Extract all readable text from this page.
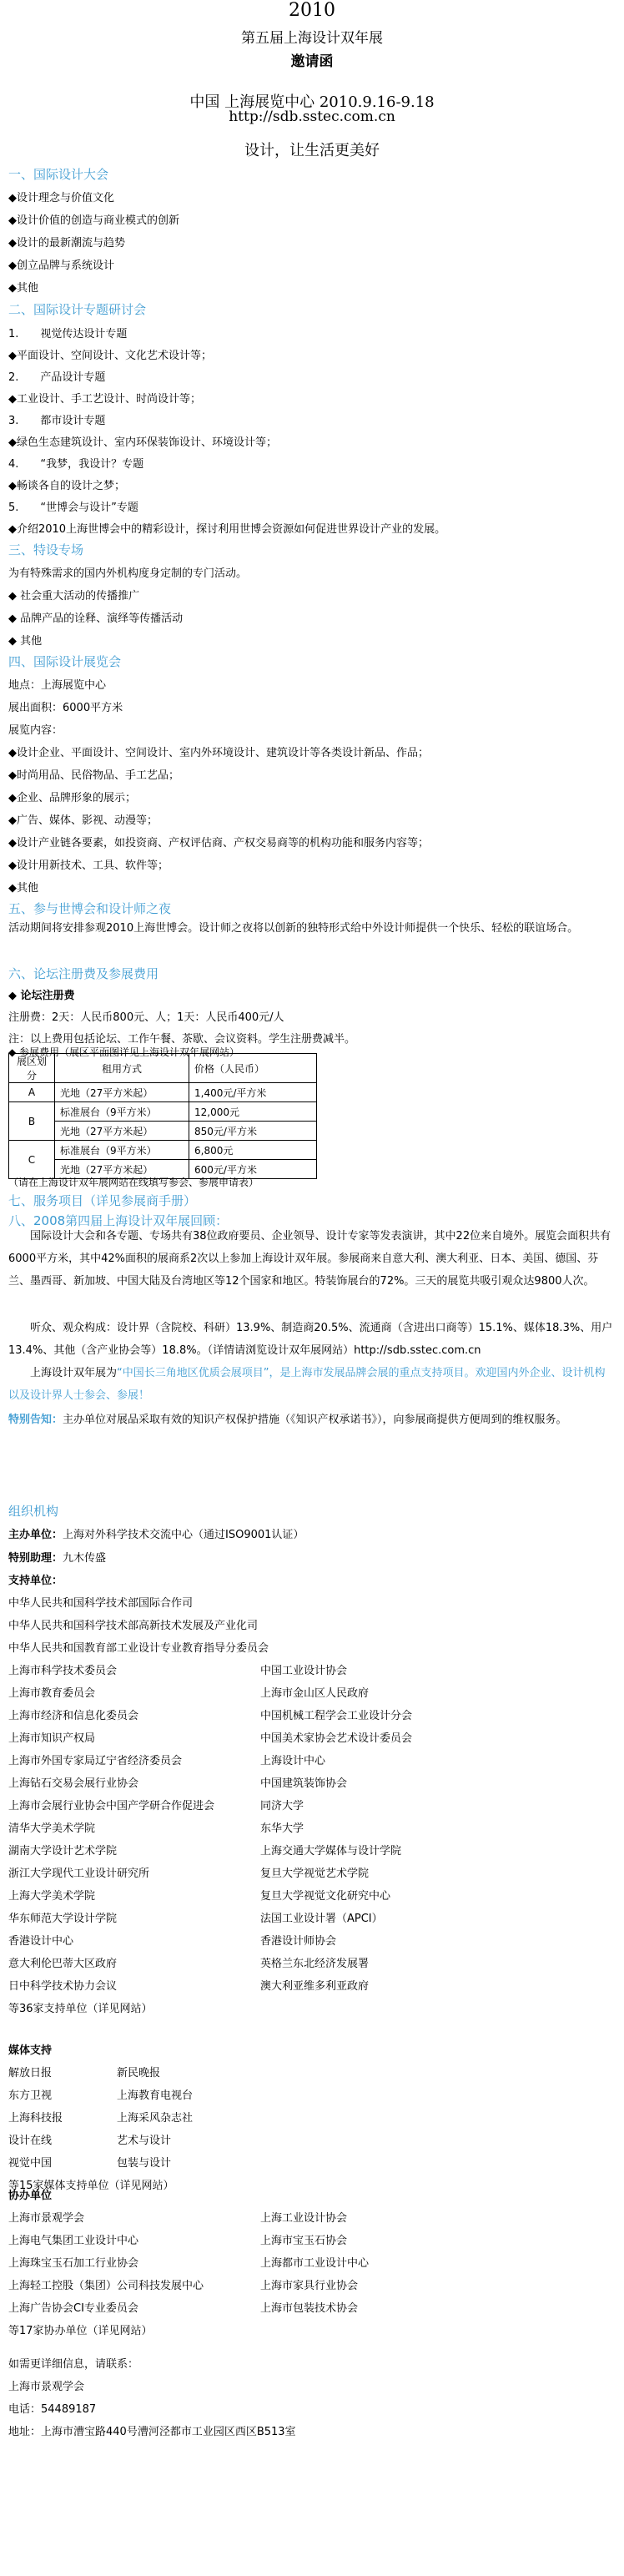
2010
第五届上海设计双年展
邀请函
中国 上海展览中心 2010.9.16-9.18
http://sdb.sstec.com.cn
设计，让生活更美好
一、国际设计大会
◆设计理念与价值文化
◆设计价值的创造与商业模式的创新
◆设计的最新潮流与趋势
◆创立品牌与系统设计
◆其他
二、国际设计专题研讨会
1.　　视觉传达设计专题
◆平面设计、空间设计、文化艺术设计等；
2.　　产品设计专题
◆工业设计、手工艺设计、时尚设计等；
3.　　都市设计专题
◆绿色生态建筑设计、室内环保装饰设计、环境设计等；
4.　　“我梦，我设计？专题
◆畅谈各自的设计之梦；
5.　　“世博会与设计”专题
◆介绍2010上海世博会中的精彩设计，探讨利用世博会资源如何促进世界设计产业的发展。
三、特设专场
为有特殊需求的国内外机构度身定制的专门活动。
◆ 社会重大活动的传播推广
◆ 品牌产品的诠释、演绎等传播活动
◆ 其他
四、国际设计展览会
地点：上海展览中心
展出面积：6000平方米
展览内容：
◆设计企业、平面设计、空间设计、室内外环境设计、建筑设计等各类设计新品、作品；
◆时尚用品、民俗物品、手工艺品；
◆企业、品牌形象的展示；
◆广告、媒体、影视、动漫等；
◆设计产业链各要素，如投资商、产权评估商、产权交易商等的机构功能和服务内容等；
◆设计用新技术、工具、软件等；
◆其他
五、参与世博会和设计师之夜
活动期间将安排参观2010上海世博会。设计师之夜将以创新的独特形式给中外设计师提供一个快乐、轻松的联谊场合。
六、论坛注册费及参展费用
◆ 论坛注册费
注册费：2天：人民币800元、人；1天：人民币400元/人
注：以上费用包括论坛、工作午餐、茶歇、会议资料。学生注册费减半。
◆ 参展费用（展区平面图详见上海设计双年展网站）
展区划分	租用方式	价格（人民币）
A	光地（27平方米起）	1,400元/平方米
B	标准展台（9平方米）	12,000元
	光地（27平方米起）	850元/平方米
C	标准展台（9平方米）	6,800元
	光地（27平方米起）	600元/平方米
（请在上海设计双年展网站在线填写参会、参展申请表）
七、服务项目（详见参展商手册）
八、2008第四届上海设计双年展回顾：
　　国际设计大会和各专题、专场共有38位政府要员、企业领导、设计专家等发表演讲，其中22位来自境外。展览会面积共有6000平方米，其中42%面积的展商系2次以上参加上海设计双年展。参展商来自意大利、澳大利亚、日本、美国、德国、芬兰、墨西哥、新加坡、中国大陆及台湾地区等12个国家和地区。特装饰展台的72%。三天的展览共吸引观众达9800人次。
　　听众、观众构成：设计界（含院校、科研）13.9%、制造商20.5%、流通商（含进出口商等）15.1%、媒体18.3%、用户13.4%、其他（含产业协会等）18.8%。（详情请浏览设计双年展网站）http://sdb.sstec.com.cn
　　上海设计双年展为“中国长三角地区优质会展项目”，是上海市发展品牌会展的重点支持项目。欢迎国内外企业、设计机构以及设计界人士参会、参展！
特别告知：主办单位对展品采取有效的知识产权保护措施（《知识产权承诺书》），向参展商提供方便周到的维权服务。
组织机构
主办单位：上海对外科学技术交流中心（通过ISO9001认证）
特别助理：九木传盛
支持单位：
中华人民共和国科学技术部国际合作司
中华人民共和国科学技术部高新技术发展及产业化司
中华人民共和国教育部工业设计专业教育指导分委员会
上海市科学技术委员会	中国工业设计协会
上海市教育委员会	上海市金山区人民政府
上海市经济和信息化委员会	中国机械工程学会工业设计分会
上海市知识产权局	中国美术家协会艺术设计委员会
上海市外国专家局辽宁省经济委员会	上海设计中心
上海钻石交易会展行业协会	中国建筑装饰协会
上海市会展行业协会中国产学研合作促进会	同济大学
清华大学美术学院	东华大学
湖南大学设计艺术学院	上海交通大学媒体与设计学院
浙江大学现代工业设计研究所	复旦大学视觉艺术学院
上海大学美术学院	复旦大学视觉文化研究中心
华东师范大学设计学院	法国工业设计署（APCI）
香港设计中心	香港设计师协会
意大利伦巴蒂大区政府	英格兰东北经济发展署
日中科学技术协力会议	澳大利亚维多利亚政府
等36家支持单位（详见网站）
媒体支持
解放日报	新民晚报
东方卫视	上海教育电视台
上海科技报	上海采风杂志社
设计在线	艺术与设计
视觉中国	包装与设计
等15家媒体支持单位（详见网站）
协办单位
上海市景观学会	上海工业设计协会
上海电气集团工业设计中心	上海市宝玉石协会
上海珠宝玉石加工行业协会	上海都市工业设计中心
上海轻工控股（集团）公司科技发展中心	上海市家具行业协会
上海广告协会CI专业委员会	上海市包装技术协会
等17家协办单位（详见网站）
如需更详细信息，请联系：
上海市景观学会
电话：54489187
地址：上海市漕宝路440号漕河泾都市工业园区西区B513室
